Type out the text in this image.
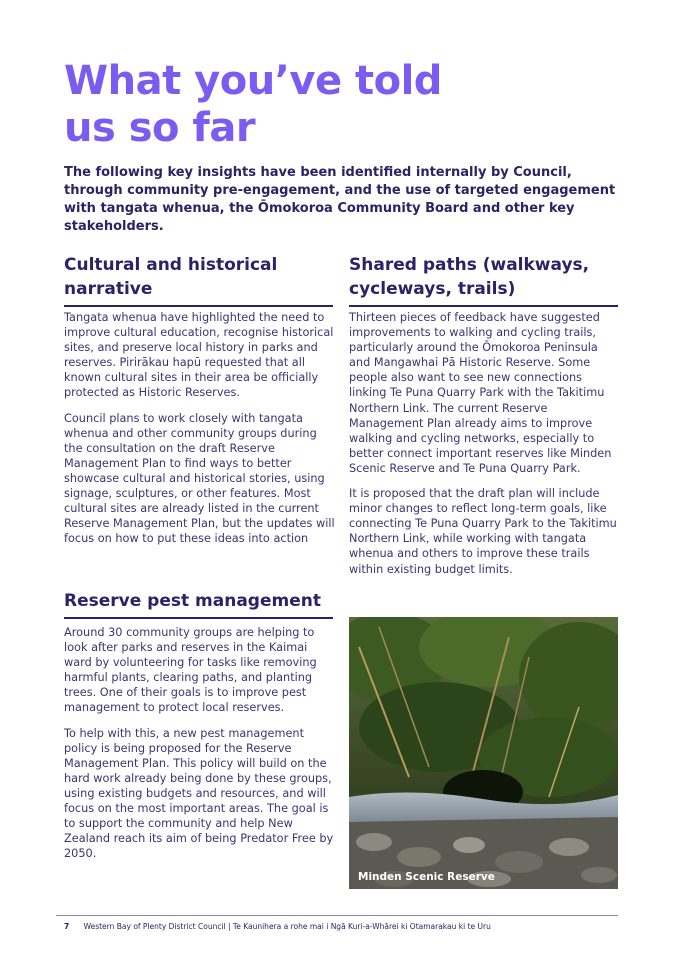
What you’ve told
us so far

The following key insights have been identified internally by Council, through community pre-engagement, and the use of targeted engagement with tangata whenua, the Ōmokoroa Community Board and other key stakeholders.

Cultural and historical
narrative

Tangata whenua have highlighted the need to improve cultural education, recognise historical sites, and preserve local history in parks and reserves. Pirirākau hapū requested that all known cultural sites in their area be officially protected as Historic Reserves.

Council plans to work closely with tangata whenua and other community groups during the consultation on the draft Reserve Management Plan to find ways to better showcase cultural and historical stories, using signage, sculptures, or other features. Most cultural sites are already listed in the current Reserve Management Plan, but the updates will focus on how to put these ideas into action

Reserve pest management

Around 30 community groups are helping to look after parks and reserves in the Kaimai ward by volunteering for tasks like removing harmful plants, clearing paths, and planting trees. One of their goals is to improve pest management to protect local reserves.

To help with this, a new pest management policy is being proposed for the Reserve Management Plan. This policy will build on the hard work already being done by these groups, using existing budgets and resources, and will focus on the most important areas. The goal is to support the community and help New Zealand reach its aim of being Predator Free by 2050.

Shared paths (walkways,
cycleways, trails)

Thirteen pieces of feedback have suggested improvements to walking and cycling trails, particularly around the Ōmokoroa Peninsula and Mangawhai Pā Historic Reserve. Some people also want to see new connections linking Te Puna Quarry Park with the Takitimu Northern Link. The current Reserve Management Plan already aims to improve walking and cycling networks, especially to better connect important reserves like Minden Scenic Reserve and Te Puna Quarry Park.

It is proposed that the draft plan will include minor changes to reflect long-term goals, like connecting Te Puna Quarry Park to the Takitimu Northern Link, while working with tangata whenua and others to improve these trails within existing budget limits.

Minden Scenic Reserve
7 Western Bay of Plenty District Council | Te Kaunihera a rohe mai i Ngā Kuri-a-Whārei ki Otamarakau ki te Uru
